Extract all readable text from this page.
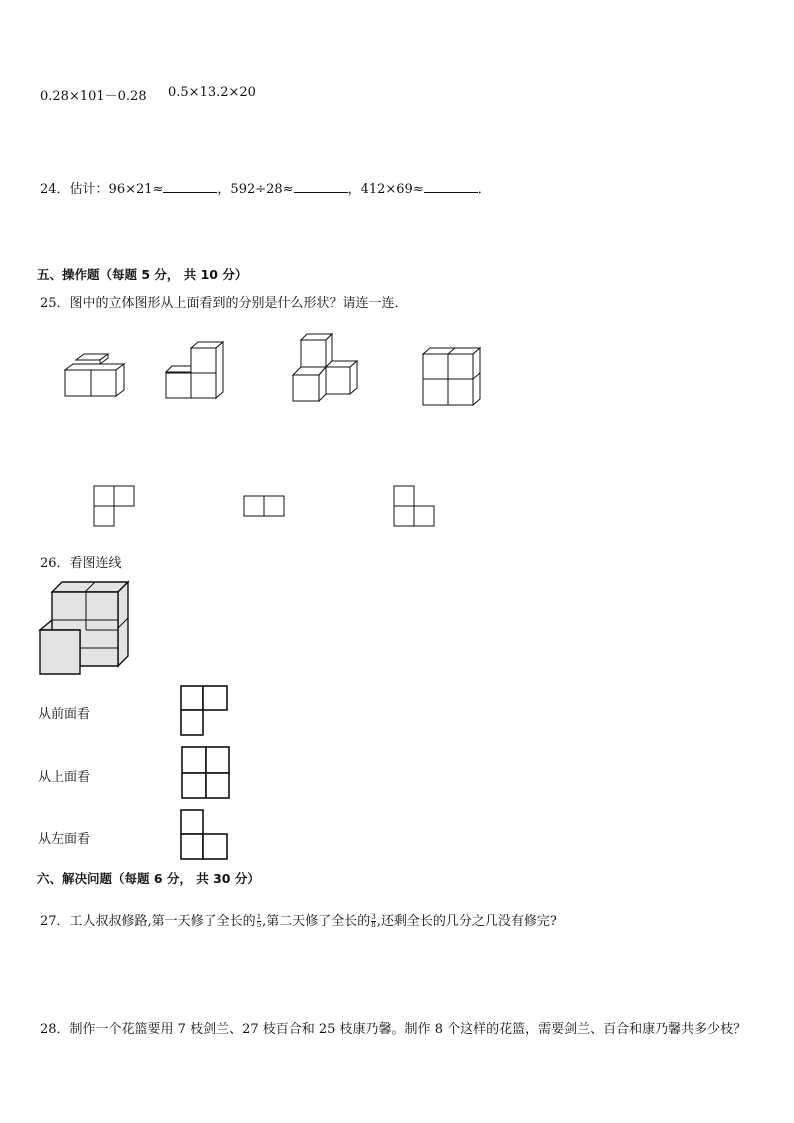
0.28×101－0.28 0.5×13.2×20
24．估计：96×21≈	，592÷28≈	，412×69≈	．
五、操作题（每题 5 分， 共 10 分）
25．图中的立体图形从上面看到的分别是什么形状？请连一连．
26．看图连线
从前面看
从上面看
从左面看
六、解决问题（每题 6 分， 共 30 分）
27．工人叔叔修路,第一天修了全长的 $\frac{1}{5}$ ,第二天修了全长的 $\frac{3}{8}$ ,还剩全长的几分之几没有修完?
28．制作一个花篮要用 7 枝剑兰、27 枝百合和 25 枝康乃馨。制作 8 个这样的花篮，需要剑兰、百合和康乃馨共多少枝？
